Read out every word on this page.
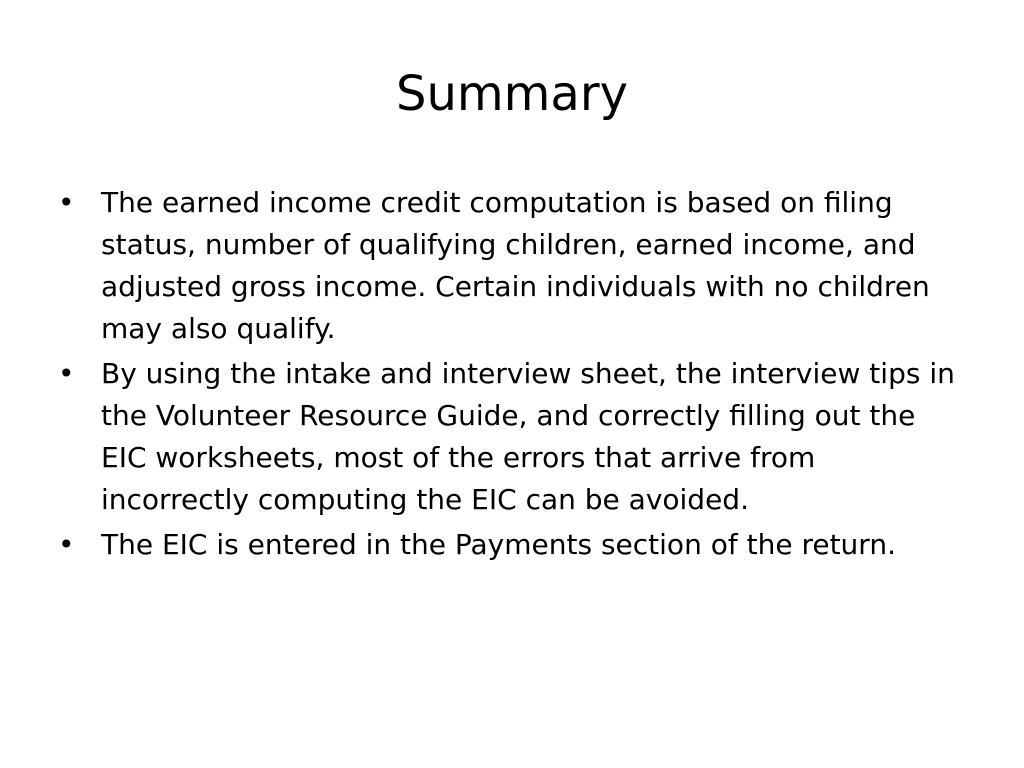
Summary
• The earned income credit computation is based on filing status, number of qualifying children, earned income, and adjusted gross income. Certain individuals with no children may also qualify.
• By using the intake and interview sheet, the interview tips in the Volunteer Resource Guide, and correctly filling out the EIC worksheets, most of the errors that arrive from incorrectly computing the EIC can be avoided.
• The EIC is entered in the Payments section of the return.
